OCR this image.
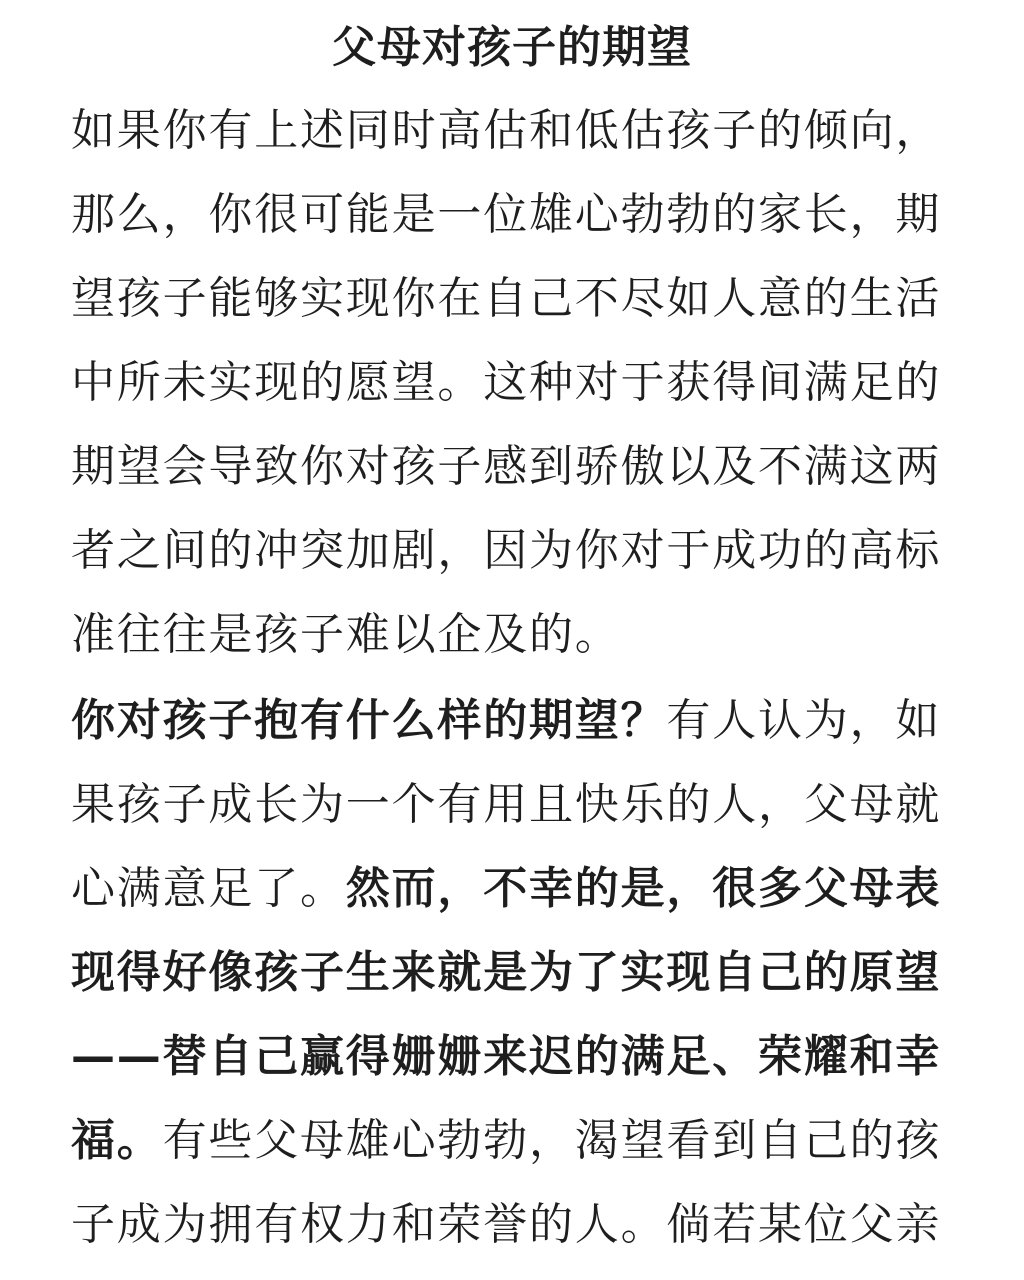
父母对孩子的期望
如果你有上述同时高估和低估孩子的倾向，
那么，你很可能是一位雄心勃勃的家长，期
望孩子能够实现你在自己不尽如人意的生活
中所未实现的愿望。这种对于获得间满足的
期望会导致你对孩子感到骄傲以及不满这两
者之间的冲突加剧，因为你对于成功的高标
准往往是孩子难以企及的。
你对孩子抱有什么样的期望？有人认为，如
果孩子成长为一个有用且快乐的人，父母就
心满意足了。然而，不幸的是，很多父母表
现得好像孩子生来就是为了实现自己的原望
——替自己赢得姗姗来迟的满足、荣耀和幸
福。有些父母雄心勃勃，渴望看到自己的孩
子成为拥有权力和荣誉的人。倘若某位父亲
